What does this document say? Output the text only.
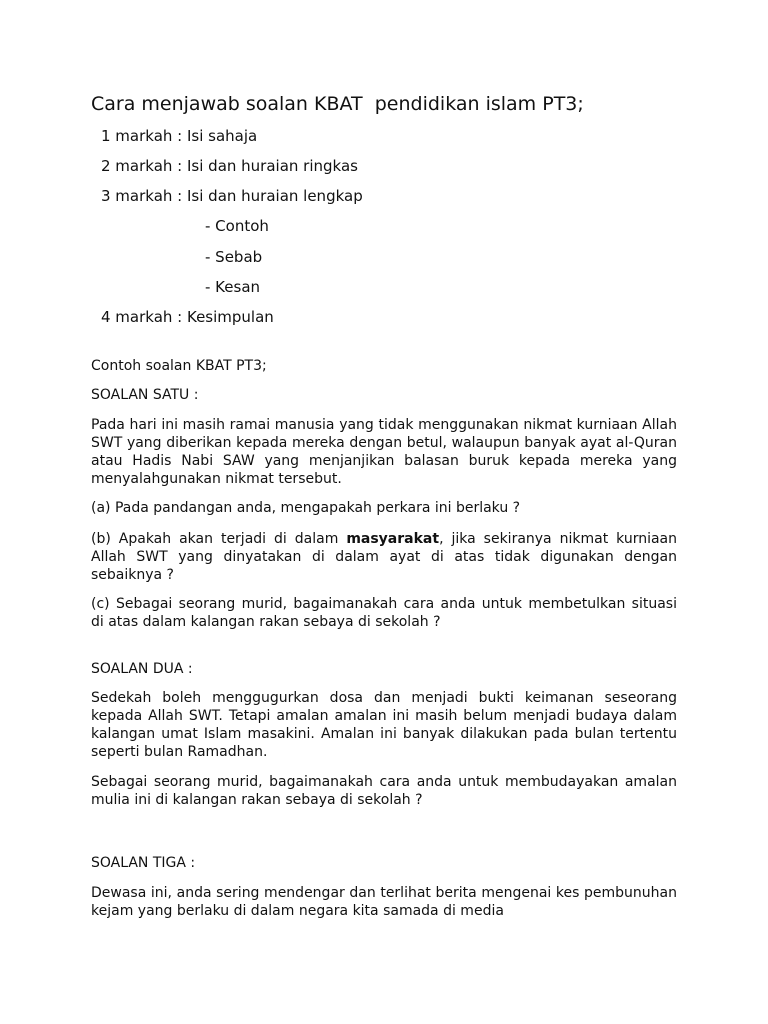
Cara menjawab soalan KBAT  pendidikan islam PT3;
1 markah : Isi sahaja
2 markah : Isi dan huraian ringkas
3 markah : Isi dan huraian lengkap
- Contoh
- Sebab
- Kesan
4 markah : Kesimpulan
Contoh soalan KBAT PT3;
SOALAN SATU :

Pada hari ini masih ramai manusia yang tidak menggunakan nikmat kurniaan Allah SWT yang diberikan kepada mereka dengan betul, walaupun banyak ayat al-Quran atau Hadis Nabi SAW yang menjanjikan balasan buruk kepada mereka yang menyalahgunakan nikmat tersebut.

(a) Pada pandangan anda, mengapakah perkara ini berlaku ?

(b) Apakah akan terjadi di dalam masyarakat, jika sekiranya nikmat kurniaan Allah SWT yang dinyatakan di dalam ayat di atas tidak digunakan dengan sebaiknya ?

(c) Sebagai seorang murid, bagaimanakah cara anda untuk membetulkan situasi di atas dalam kalangan rakan sebaya di sekolah ?

SOALAN DUA :

Sedekah boleh menggugurkan dosa dan menjadi bukti keimanan seseorang kepada Allah SWT. Tetapi amalan amalan ini masih belum menjadi budaya dalam kalangan umat Islam masakini. Amalan ini banyak dilakukan pada bulan tertentu seperti bulan Ramadhan.

Sebagai seorang murid, bagaimanakah cara anda untuk membudayakan amalan mulia ini di kalangan rakan sebaya di sekolah ?

SOALAN TIGA :

Dewasa ini, anda sering mendengar dan terlihat berita mengenai kes pembunuhan kejam yang berlaku di dalam negara kita samada di media
